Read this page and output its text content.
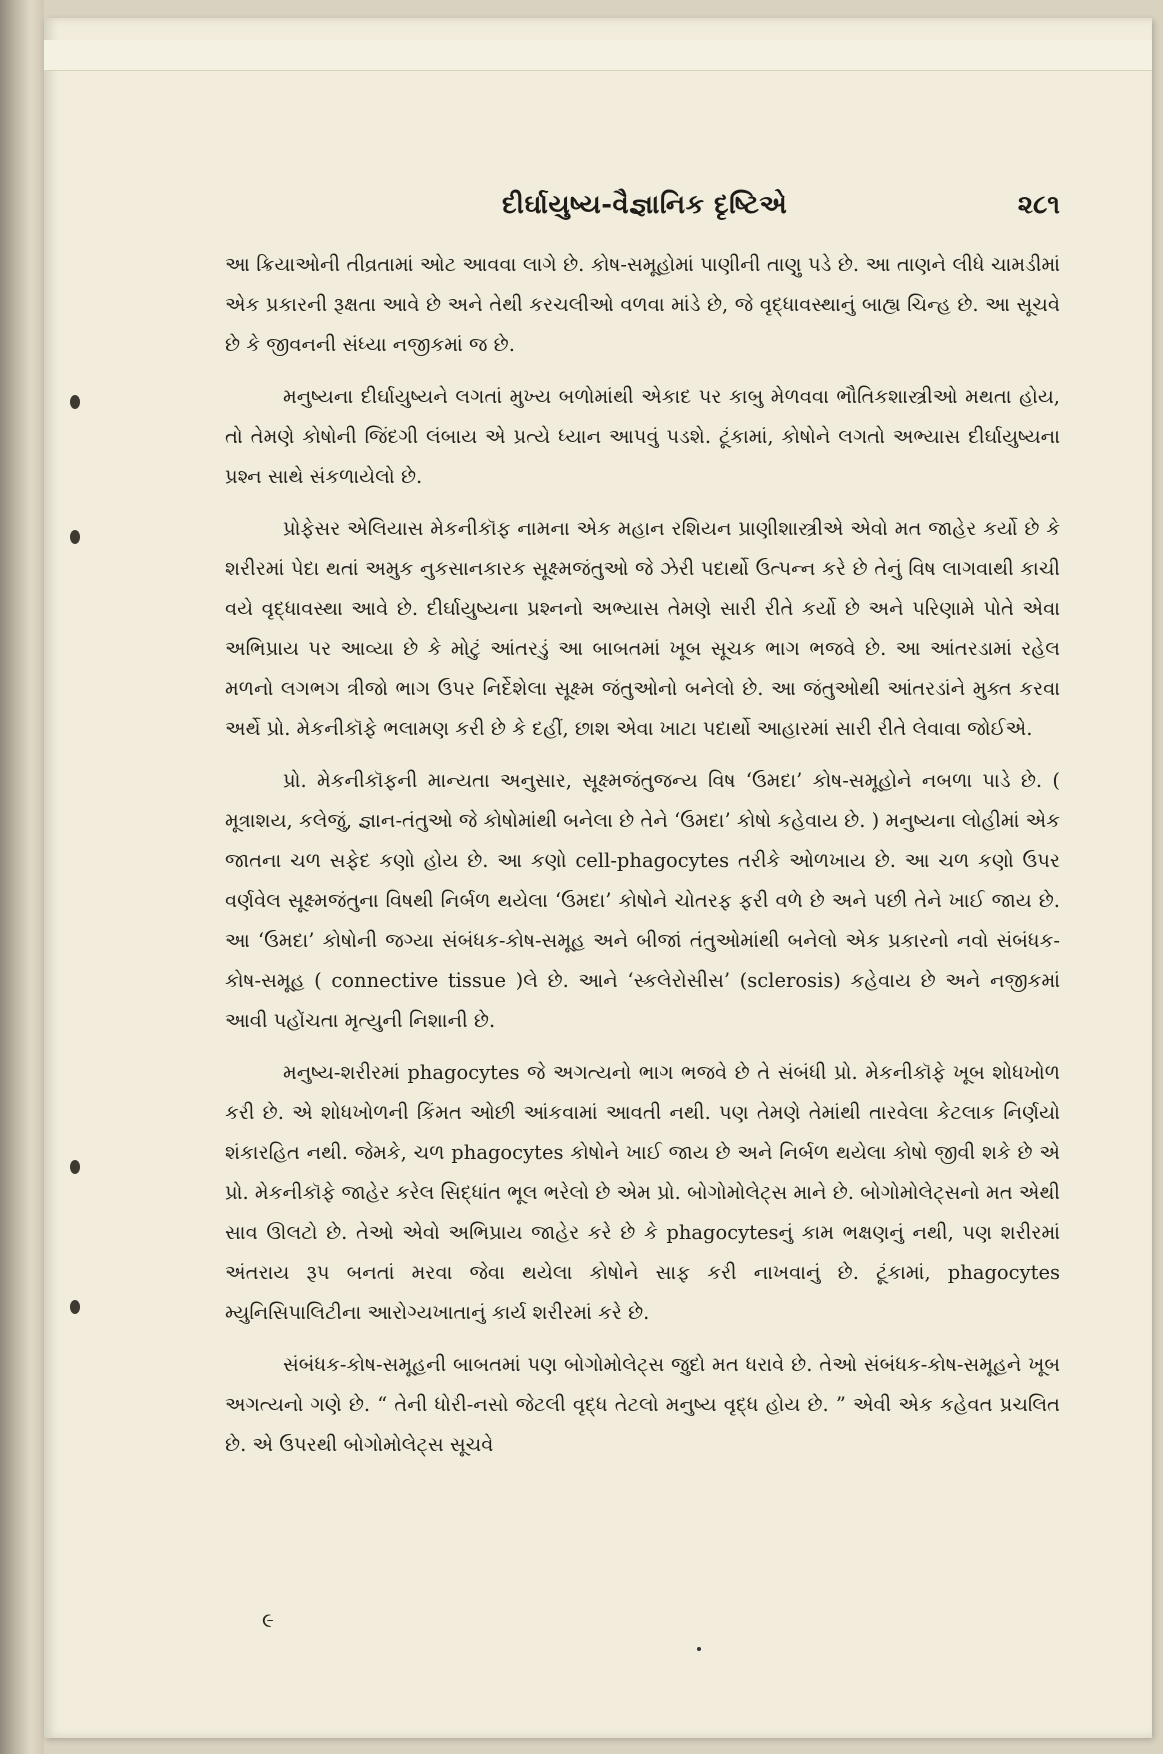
દીર્ઘાયુષ્ય-વૈજ્ઞાનિક દૃષ્ટિએ	૨૮૧

આ ક્રિયાઓની તીવ્રતામાં ઓટ આવવા લાગે છે. કોષ-સમૂહોમાં પાણીની તાણુ પડે છે. આ તાણને લીધે ચામડીમાં એક પ્રકારની રૂક્ષતા આવે છે અને તેથી કરચલીઓ વળવા માંડે છે, જે વૃદ્ધાવસ્થાનું બાહ્ય ચિન્હ છે. આ સૂચવે છે કે જીવનની સંધ્યા નજીકમાં જ છે.

મનુષ્યના દીર્ઘાયુષ્યને લગતાં મુખ્ય બળોમાંથી એકાદ પર કાબુ મેળવવા ભૌતિકશાસ્ત્રીઓ મથતા હોય, તો તેમણે કોષોની જિંદગી લંબાય એ પ્રત્યે ધ્યાન આપવું પડશે. ટૂંકામાં, કોષોને લગતો અભ્યાસ દીર્ઘાયુષ્યના પ્રશ્ન સાથે સંકળાયેલો છે.

પ્રોફેસર એલિયાસ મેકનીકૉફ નામના એક મહાન રશિયન પ્રાણીશાસ્ત્રીએ એવો મત જાહેર કર્યો છે કે શરીરમાં પેદા થતાં અમુક નુકસાનકારક સૂક્ષ્મજંતુઓ જે ઝેરી પદાર્થો ઉત્પન્ન કરે છે તેનું વિષ લાગવાથી કાચી વયે વૃદ્ધાવસ્થા આવે છે. દીર્ઘાયુષ્યના પ્રશ્નનો અભ્યાસ તેમણે સારી રીતે કર્યો છે અને પરિણામે પોતે એવા અભિપ્રાય પર આવ્યા છે કે મોટું આંતરડું આ બાબતમાં ખૂબ સૂચક ભાગ ભજવે છે. આ આંતરડામાં રહેલ મળનો લગભગ ત્રીજો ભાગ ઉપર નિર્દેશેલા સૂક્ષ્મ જંતુઓનો બનેલો છે. આ જંતુઓથી આંતરડાંને મુક્ત કરવા અર્થે પ્રો. મેકનીકૉફે ભલામણ કરી છે કે દહીં, છાશ એવા ખાટા પદાર્થો આહારમાં સારી રીતે લેવાવા જોઈએ.

પ્રો. મેકનીકૉફની માન્યતા અનુસાર, સૂક્ષ્મજંતુજન્ય વિષ ‘ઉમદા’ કોષ-સમૂહોને નબળા પાડે છે. ( મૂત્રાશય, કલેજું, જ્ઞાન-તંતુઓ જે કોષોમાંથી બનેલા છે તેને ‘ઉમદા’ કોષો કહેવાય છે. ) મનુષ્યના લોહીમાં એક જાતના ચળ સફેદ કણો હોય છે. આ કણો cell-phagocytes તરીકે ઓળખાય છે. આ ચળ કણો ઉપર વર્ણવેલ સૂક્ષ્મજંતુના વિષથી નિર્બળ થયેલા ‘ઉમદા’ કોષોને ચોતરફ ફરી વળે છે અને પછી તેને ખાઈ જાય છે. આ ‘ઉમદા’ કોષોની જગ્યા સંબંધક-કોષ-સમૂહ અને બીજાં તંતુઓમાંથી બનેલો એક પ્રકારનો નવો સંબંધક-કોષ-સમૂહ ( connective tissue )લે છે. આને ‘સ્કલેરોસીસ’ (sclerosis) કહેવાય છે અને નજીકમાં આવી પહોંચતા મૃત્યુની નિશાની છે.

મનુષ્ય-શરીરમાં phagocytes જે અગત્યનો ભાગ ભજવે છે તે સંબંધી પ્રો. મેકનીકૉફે ખૂબ શોધખોળ કરી છે. એ શોધખોળની કિંમત ઓછી આંકવામાં આવતી નથી. પણ તેમણે તેમાંથી તારવેલા કેટલાક નિર્ણયો શંકારહિત નથી. જેમકે, ચળ phagocytes કોષોને ખાઈ જાય છે અને નિર્બળ થયેલા કોષો જીવી શકે છે એ પ્રો. મેકનીકૉફે જાહેર કરેલ સિદ્ધાંત ભૂલ ભરેલો છે એમ પ્રો. બોગોમોલેટ્સ માને છે. બોગોમોલેટ્સનો મત એથી સાવ ઊલટો છે. તેઓ એવો અભિપ્રાય જાહેર કરે છે કે phagocytesનું કામ ભક્ષણનું નથી, પણ શરીરમાં અંતરાય રૂપ બનતાં મરવા જેવા થયેલા કોષોને સાફ કરી નાખવાનું છે. ટૂંકામાં, phagocytes મ્યુનિસિપાલિટીના આરોગ્યખાતાનું કાર્ય શરીરમાં કરે છે.

સંબંધક-કોષ-સમૂહની બાબતમાં પણ બોગોમોલેટ્સ જુદો મત ધરાવે છે. તેઓ સંબંધક-કોષ-સમૂહને ખૂબ અગત્યનો ગણે છે. “ તેની ધોરી-નસો જેટલી વૃદ્ધ તેટલો મનુષ્ય વૃદ્ધ હોય છે. ” એવી એક કહેવત પ્રચલિત છે. એ ઉપરથી બોગોમોલેટ્સ સૂચવે

૯
